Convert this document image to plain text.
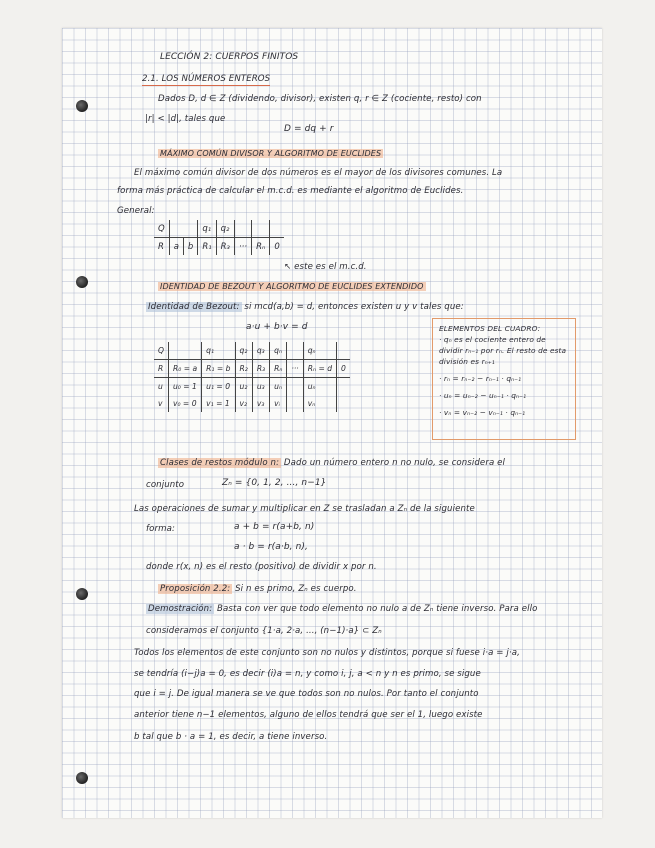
LECCIÓN 2: CUERPOS FINITOS
2.1. LOS NÚMEROS ENTEROS
Dados D, d ∈ Z (dividendo, divisor), existen q, r ∈ Z (cociente, resto) con
|r| < |d|, tales que
D = dq + r
MÁXIMO COMÚN DIVISOR Y ALGORITMO DE EUCLIDES
El máximo común divisor de dos números es el mayor de los divisores comunes. La
forma más práctica de calcular el m.c.d. es mediante el algoritmo de Euclides.
General:
Q			q₁	q₂			
R	a	b	R₁	R₃	···	Rₙ	0
↖ este es el m.c.d.
IDENTIDAD DE BEZOUT Y ALGORITMO DE EUCLIDES EXTENDIDO
Identidad de Bezout: si mcd(a,b) = d, entonces existen u y v tales que:
a·u + b·v = d
Q		q₁	q₂	q₃	qₙ		qₙ	
R	R₀ = a	R₁ = b	R₂	R₃	Rₙ	···	Rₙ = d	0
u	u₀ = 1	u₁ = 0	u₂	u₃	uₙ		uₙ	
v	v₀ = 0	v₁ = 1	v₂	v₃	vᵢ		vₙ	
ELEMENTOS DEL CUADRO:
· qₙ es el cociente entero de dividir rₙ₋₁ por rₙ. El resto de esta división es rₙ₊₁
· rₙ = rₙ₋₂ − rₙ₋₁ · qₙ₋₁
· uₙ = uₙ₋₂ − uₙ₋₁ · qₙ₋₁
· vₙ = vₙ₋₂ − vₙ₋₁ · qₙ₋₁
Clases de restos módulo n: Dado un número entero n no nulo, se considera el
conjunto	Zₙ = {0, 1, 2, ..., n−1}
Las operaciones de sumar y multiplicar en Z se trasladan a Zₙ de la siguiente
forma:	a + b = r(a+b, n)
a · b = r(a·b, n),
donde r(x, n) es el resto (positivo) de dividir x por n.
Proposición 2.2: Si n es primo, Zₙ es cuerpo.
Demostración: Basta con ver que todo elemento no nulo a de Zₙ tiene inverso. Para ello
consideramos el conjunto {1·a, 2·a, ..., (n−1)·a} ⊂ Zₙ
Todos los elementos de este conjunto son no nulos y distintos, porque si fuese i·a = j·a,
se tendría (i−j)a = 0, es decir (i)a = n, y como i, j, a < n y n es primo, se sigue
que i = j. De igual manera se ve que todos son no nulos. Por tanto el conjunto
anterior tiene n−1 elementos, alguno de ellos tendrá que ser el 1, luego existe
b tal que b · a = 1, es decir, a tiene inverso.
